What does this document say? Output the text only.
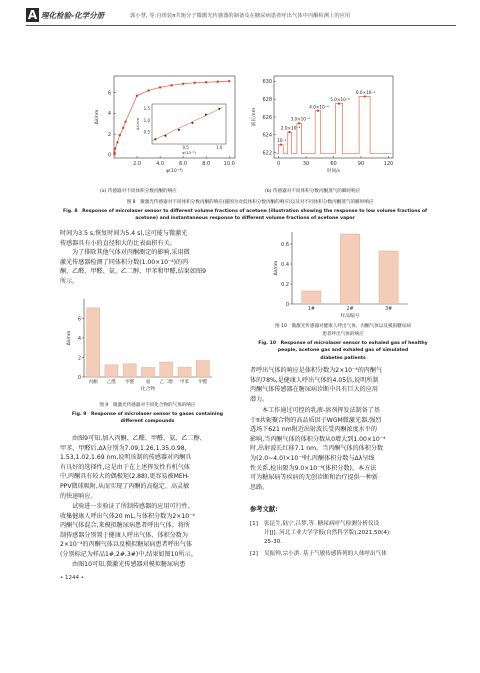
A 理化检验-化学分册	郭小慧, 等:自组装π共轭分子微激光传感器的制备及在糖尿病患者呼出气体中丙酮检测上的应用
2.0	4.0	6.0	8.0	10.0
0
2
4
6
φ(10⁻⁴)
Δλ/nm
0.5	1.0
0.5
1.0
1.5
φ(10⁻⁴)
Δλ/nm
0	30	60	90	120
622
624
626
628
630
时间/s
波长/nm
6.0×10⁻⁴
5.0×10⁻⁴
4.0×10⁻⁴
3.0×10⁻⁴
2.0×10⁻⁴
10⁻⁴
(a) 传感器对不同体积分数丙酮的响应	(b) 传感器对不同体积分数丙酮蒸气的瞬时响应
图 8　微激光传感器对不同体积分数丙酮的响应(插图为对低体积分数丙酮的响应)以及对不同体积分数丙酮蒸气的瞬时响应
Fig. 8　Response of microlaser sensor to different volume fractions of acetone (illustration showing the response to low volume fractions of
acetone) and instantaneous response to different volume fractions of acetone vapor
时间为3.5 s,恢复时间为5.4 s),这可能与微激光
传感器具有小的直径和大的比表面积有关。
为了排除其他气体对丙酮测定的影响,采用微
激光传感器检测了同体积分数(1.00×10⁻⁴)的丙
酮、乙醛、甲醛、氨、乙二醇、甲苯和甲醛,结果如图9
所示。
0
2
4
6
Δλ/nm
丙酮 乙醛 甲醛	氨 乙二醇 甲苯 甲醛
化合物
图 9　微激光传感器对不同化合物的气体的响应
Fig. 9　Response of microlaser sensor to gases containing
different compounds
由图9可知,加入丙酮、乙醛、甲醛、氨、乙二醇、
甲苯、甲醛后,Δλ分别为7.09,1.26,1.35,0.98,
1.53,1.02,1.69 nm,说明该制的传感器对丙酮具
有良好的选择性,这是由于在上述挥发性有机气体
中,丙酮具有较大的偶极矩(2.88),更容易被MEH-
PPV微球吸附,从而实现了丙酮的高稳定、高灵敏
的快速响应。
试验进一步验证了所制传感器的应用可行性。
收集健康人呼出气体20 mL,与体积分数为2×10⁻⁴
丙酮气体混合,来模拟糖尿病患者呼出气体。将所
制传感器分别置于健康人呼出气体、体积分数为
2×10⁻⁴的丙酮气体以及模拟糖尿病患者呼出气体
(分别标记为样品1#,2#,3#)中,结果如图10所示。
由图10可知,微激光传感器对模拟糖尿病患
• 1244 •
0
0.2
0.4
0.6
Δλ/nm
1#	2#	3#
样品编号
图 10　微激光传感器对健康人呼出气体、丙酮气体以及模拟糖尿病
患者呼出气体的响应
Fig. 10　Response of microlaser sensor to exhaled gas of healthy
people, acetone gas and exhaled gas of simulated
diabetes patients
者呼出气体的响应是体积分数为2×10⁻⁴的丙酮气
体的78%,是健康人呼出气体的4.05倍,说明所制
丙酮气体传感器在糖尿病诊断中具有巨大的应用
潜力。
本工作通过可控的乳液-溶剂挥发法制备了基
于π共轭聚合物的高品质因子WGM微激光器,强烈
透场下621 nm附近出射波长受丙酮浓度水平的
影响,当丙酮气体的体积分数从0增大到1.00×10⁻⁴
时,出射波长红移7.1 nm。当丙酮气体的体积分数
为(2.0~4.0)×10⁻⁴时,丙酮体积分数与Δλ呈线
性关系,检出限为9.0×10⁻⁶(体积分数)。本方法
可为糖尿病等疾病的无创诊断和治疗提供一种新
思路。
参考文献:
[1] 张昆生,陆宁,吕梦,等. 糖尿病呼气检测分析仪设
计[J]. 河北工业大学学报(自然科学版),2021,50(4):
25-30.
[2] 吴振钟,宗小淇. 基于气敏传感阵列的人体呼出气体
